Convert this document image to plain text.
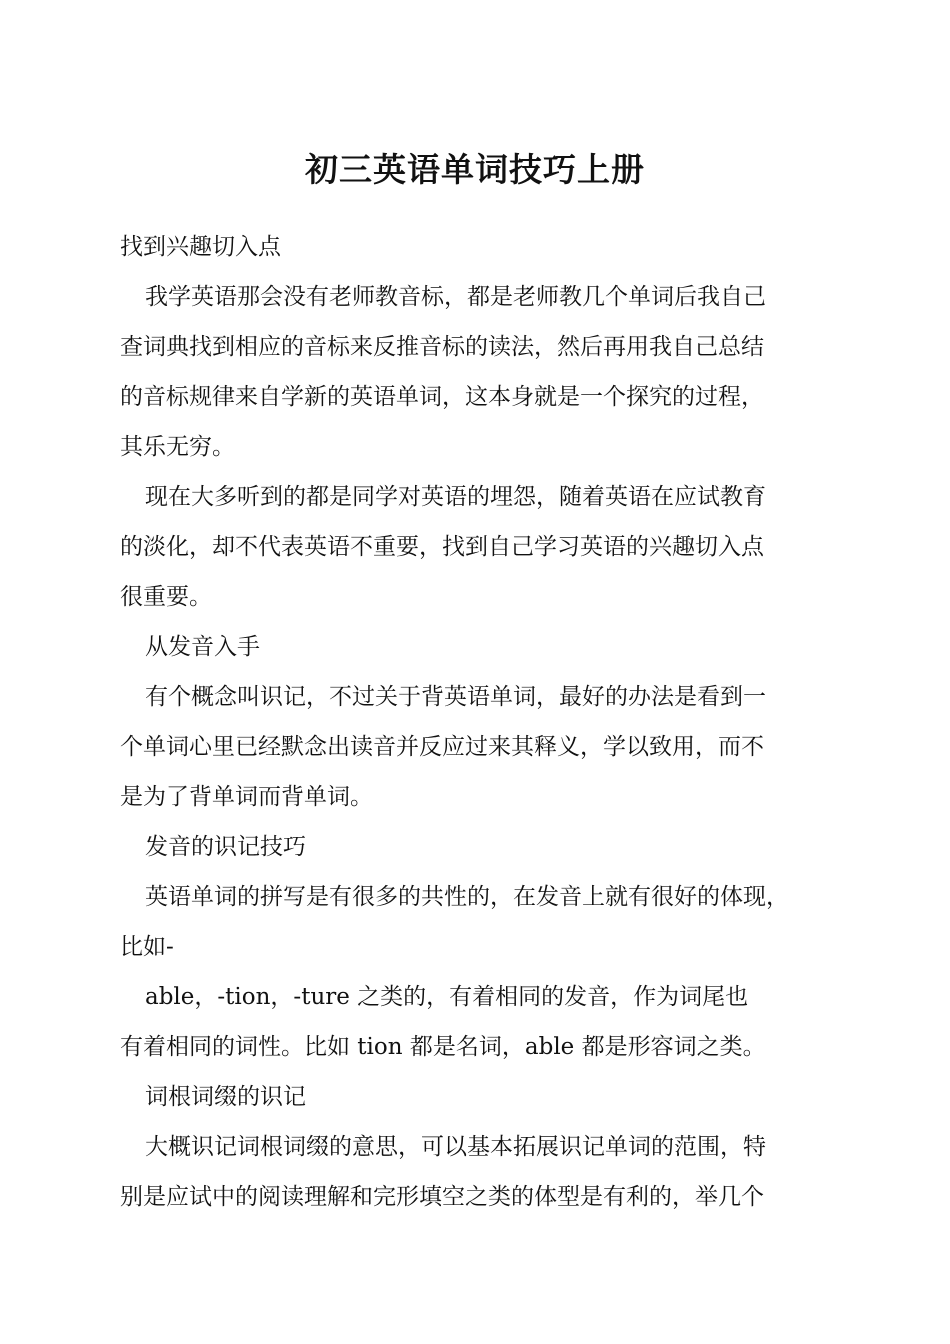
初三英语单词技巧上册
找到兴趣切入点
我学英语那会没有老师教音标，都是老师教几个单词后我自己
查词典找到相应的音标来反推音标的读法，然后再用我自己总结
的音标规律来自学新的英语单词，这本身就是一个探究的过程，
其乐无穷。
现在大多听到的都是同学对英语的埋怨，随着英语在应试教育
的淡化，却不代表英语不重要，找到自己学习英语的兴趣切入点
很重要。
从发音入手
有个概念叫识记，不过关于背英语单词，最好的办法是看到一
个单词心里已经默念出读音并反应过来其释义，学以致用，而不
是为了背单词而背单词。
发音的识记技巧
英语单词的拼写是有很多的共性的，在发音上就有很好的体现，
比如-
able，-tion，-ture 之类的，有着相同的发音，作为词尾也
有着相同的词性。比如 tion 都是名词，able 都是形容词之类。
词根词缀的识记
大概识记词根词缀的意思，可以基本拓展识记单词的范围，特
别是应试中的阅读理解和完形填空之类的体型是有利的，举几个
